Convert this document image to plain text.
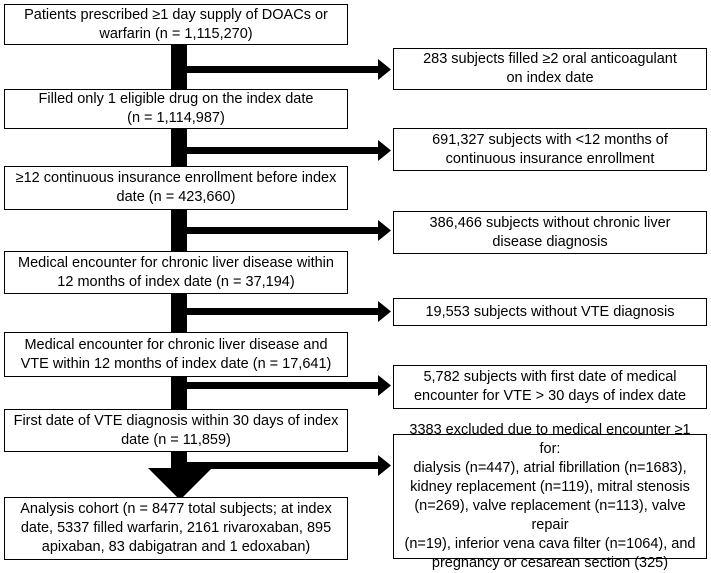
Patients prescribed ≥1 day supply of DOACs or
warfarin (n = 1,115,270)
Filled only 1 eligible drug on the index date
(n = 1,114,987)
≥12 continuous insurance enrollment before index
date (n = 423,660)
Medical encounter for chronic liver disease within
12 months of index date (n = 37,194)
Medical encounter for chronic liver disease and
VTE within 12 months of index date (n = 17,641)
First date of VTE diagnosis within 30 days of index
date (n = 11,859)
Analysis cohort (n = 8477 total subjects; at index
date, 5337 filled warfarin, 2161 rivaroxaban, 895
apixaban, 83 dabigatran and 1 edoxaban)
283 subjects filled ≥2 oral anticoagulant
on index date
691,327 subjects with <12 months of
continuous insurance enrollment
386,466 subjects without chronic liver
disease diagnosis
19,553 subjects without VTE diagnosis
5,782 subjects with first date of medical
encounter for VTE > 30 days of index date
3383 excluded due to medical encounter ≥1 for:
dialysis (n=447), atrial fibrillation (n=1683),
kidney replacement (n=119), mitral stenosis
(n=269), valve replacement (n=113), valve repair
(n=19), inferior vena cava filter (n=1064), and
pregnancy or cesarean section (325)
